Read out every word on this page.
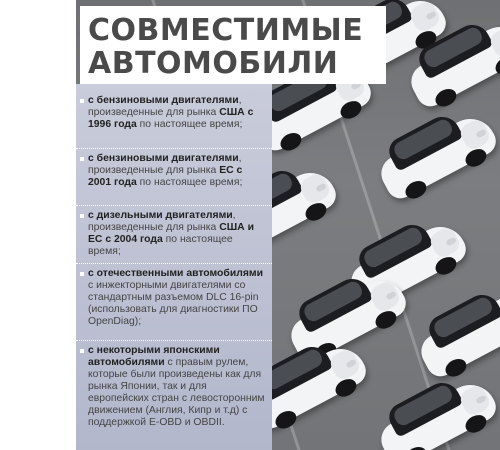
СОВМЕСТИМЫЕ
АВТОМОБИЛИ
с бензиновыми двигателями, произведенные для рынка США с 1996 года по настоящее время;
с бензиновыми двигателями, произведенные для рынка ЕС с 2001 года по настоящее время;
с дизельными двигателями, произведенные для рынка США и ЕС с 2004 года по настоящее время;
с отечественными автомобилями с инжекторными двигателями со стандартным разъемом DLC 16-pin (использовать для диагностики ПО OpenDiag);
с некоторыми японскими автомобилями с правым рулем, которые были произведены как для рынка Японии, так и для европейских стран с левосторонним движением (Англия, Кипр и т.д) с поддержкой E-OBD и OBDII.
